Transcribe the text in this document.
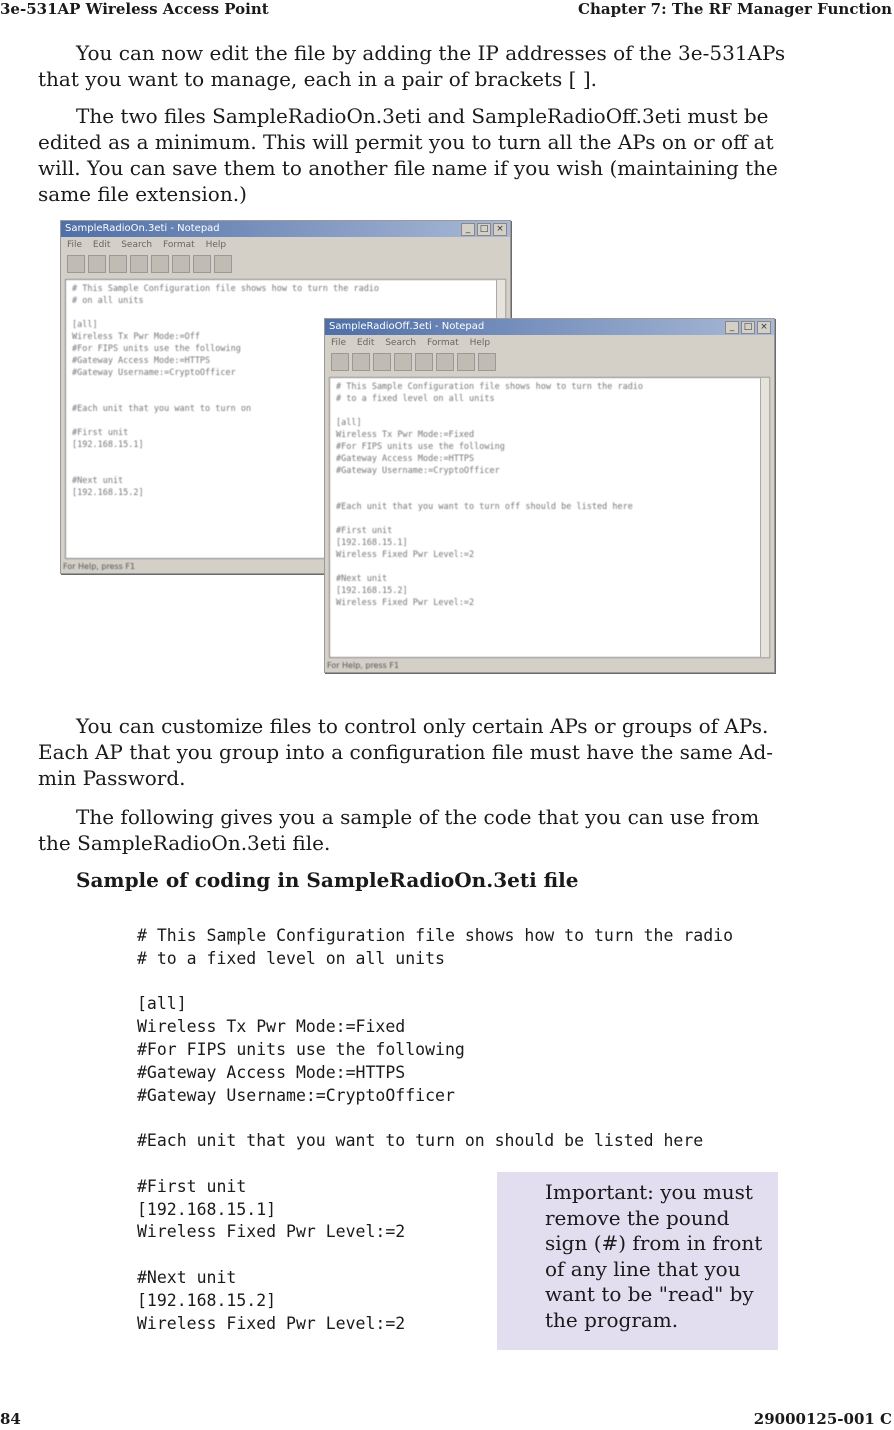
3e-531AP Wireless Access Point	Chapter 7: The RF Manager Function

You can now edit the file by adding the IP addresses of the 3e-531APs that you want to manage, each in a pair of brackets [ ].

The two files SampleRadioOn.3eti and SampleRadioOff.3eti must be edited as a minimum. This will permit you to turn all the APs on or off at will. You can save them to another file name if you wish (maintaining the same file extension.)

SampleRadioOn.3eti - Notepad	_	□ ×
File Edit Search Format Help
# This Sample Configuration file shows how to turn the radio
# on all units
[all]
Wireless Tx Pwr Mode:=Off
#For FIPS units use the following
#Gateway Access Mode:=HTTPS
#Gateway Username:=CryptoOfficer
#Each unit that you want to turn on
#First unit
[192.168.15.1]
#Next unit
[192.168.15.2]
For Help, press F1
SampleRadioOff.3eti - Notepad	_	□ ×
File Edit Search Format Help
# This Sample Configuration file shows how to turn the radio
# to a fixed level on all units
[all]
Wireless Tx Pwr Mode:=Fixed
#For FIPS units use the following
#Gateway Access Mode:=HTTPS
#Gateway Username:=CryptoOfficer
#Each unit that you want to turn off should be listed here
#First unit
[192.168.15.1]
Wireless Fixed Pwr Level:=2
#Next unit
[192.168.15.2]
Wireless Fixed Pwr Level:=2
For Help, press F1

You can customize files to control only certain APs or groups of APs. Each AP that you group into a configuration file must have the same Ad-min Password.

The following gives you a sample of the code that you can use from the SampleRadioOn.3eti file.

Sample of coding in SampleRadioOn.3eti file
# This Sample Configuration file shows how to turn the radio
# to a fixed level on all units
[all]
Wireless Tx Pwr Mode:=Fixed
#For FIPS units use the following
#Gateway Access Mode:=HTTPS
#Gateway Username:=CryptoOfficer
#Each unit that you want to turn on should be listed here
#First unit
[192.168.15.1]
Wireless Fixed Pwr Level:=2
#Next unit
[192.168.15.2]
Wireless Fixed Pwr Level:=2
Important: you must remove the pound sign (#) from in front of any line that you want to be "read" by the program.
84	29000125-001 C
